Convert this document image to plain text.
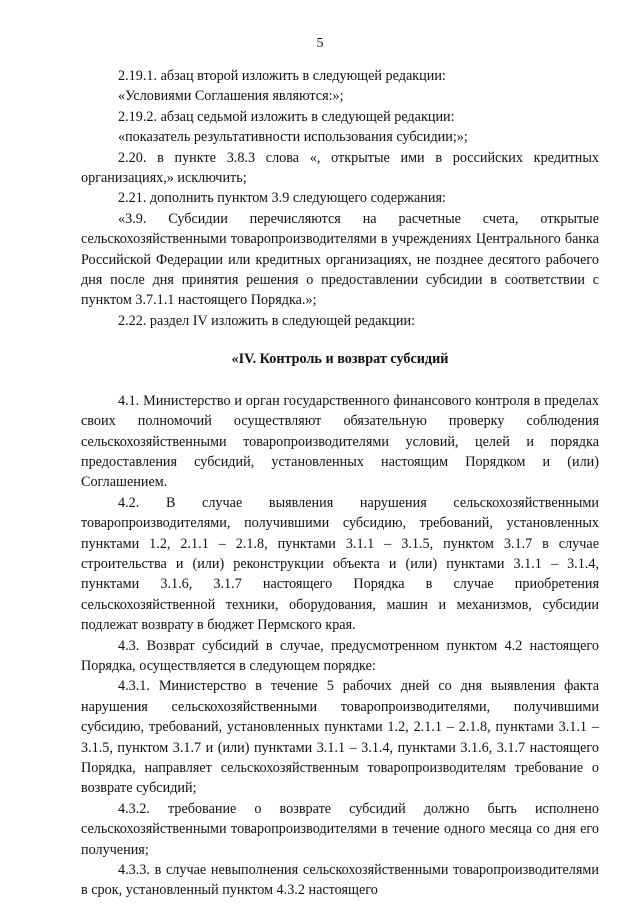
5

2.19.1. абзац второй изложить в следующей редакции:

«Условиями Соглашения являются:»;

2.19.2. абзац седьмой изложить в следующей редакции:

«показатель результативности использования субсидии;»;

2.20. в пункте 3.8.3 слова «, открытые ими в российских кредитных организациях,» исключить;

2.21. дополнить пунктом 3.9 следующего содержания:

«3.9. Субсидии перечисляются на расчетные счета, открытые сельскохозяйственными товаропроизводителями в учреждениях Центрального банка Российской Федерации или кредитных организациях, не позднее десятого рабочего дня после дня принятия решения о предоставлении субсидии в соответствии с пунктом 3.7.1.1 настоящего Порядка.»;

2.22. раздел IV изложить в следующей редакции:

«IV. Контроль и возврат субсидий

4.1. Министерство и орган государственного финансового контроля в пределах своих полномочий осуществляют обязательную проверку соблюдения сельскохозяйственными товаропроизводителями условий, целей и порядка предоставления субсидий, установленных настоящим Порядком и (или) Соглашением.

4.2. В случае выявления нарушения сельскохозяйственными товаропроизводителями, получившими субсидию, требований, установленных пунктами 1.2, 2.1.1 – 2.1.8, пунктами 3.1.1 – 3.1.5, пунктом 3.1.7 в случае строительства и (или) реконструкции объекта и (или) пунктами 3.1.1 – 3.1.4, пунктами 3.1.6, 3.1.7 настоящего Порядка в случае приобретения сельскохозяйственной техники, оборудования, машин и механизмов, субсидии подлежат возврату в бюджет Пермского края.

4.3. Возврат субсидий в случае, предусмотренном пунктом 4.2 настоящего Порядка, осуществляется в следующем порядке:

4.3.1. Министерство в течение 5 рабочих дней со дня выявления факта нарушения сельскохозяйственными товаропроизводителями, получившими субсидию, требований, установленных пунктами 1.2, 2.1.1 – 2.1.8, пунктами 3.1.1 – 3.1.5, пунктом 3.1.7 и (или) пунктами 3.1.1 – 3.1.4, пунктами 3.1.6, 3.1.7 настоящего Порядка, направляет сельскохозяйственным товаропроизводителям требование о возврате субсидий;

4.3.2. требование о возврате субсидий должно быть исполнено сельскохозяйственными товаропроизводителями в течение одного месяца со дня его получения;

4.3.3. в случае невыполнения сельскохозяйственными товаропроизводителями в срок, установленный пунктом 4.3.2 настоящего
